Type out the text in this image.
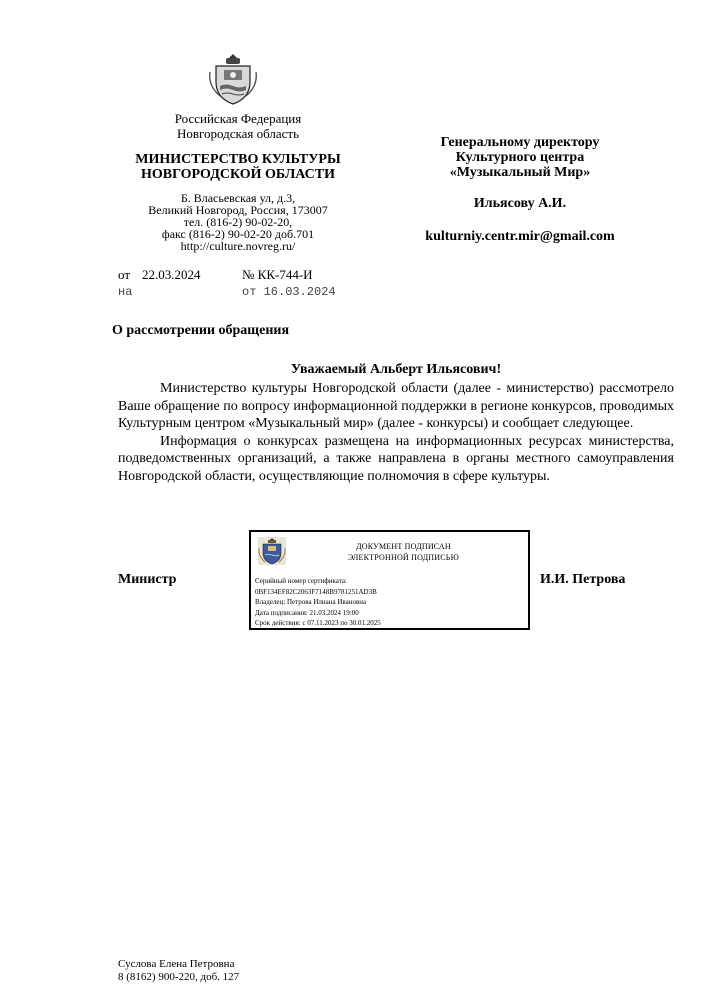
Российская Федерация
Новгородская область
МИНИСТЕРСТВО КУЛЬТУРЫ
НОВГОРОДСКОЙ ОБЛАСТИ
Б. Власьевская ул, д.3,
Великий Новгород, Россия, 173007
тел. (816-2) 90-02-20,
факс (816-2) 90-02-20 доб.701
http://culture.novreg.ru/
от 22.03.2024	№ КК-744-И
на	от 16.03.2024
Генеральному директору
Культурного центра
«Музыкальный Мир»
Ильясову А.И.
kulturniy.centr.mir@gmail.com
О рассмотрении обращения
Уважаемый Альберт Ильясович!

Министерство культуры Новгородской области (далее - министерство) рассмотрело Ваше обращение по вопросу информационной поддержки в регионе конкурсов, проводимых Культурным центром «Музыкальный мир» (далее - конкурсы) и сообщает следующее.

Информация о конкурсах размещена на информационных ресурсах министерства, подведомственных организаций, а также направлена в органы местного самоуправления Новгородской области, осуществляющие полномочия в сфере культуры.

Министр	И.И. Петрова
ДОКУМЕНТ ПОДПИСАН
ЭЛЕКТРОННОЙ ПОДПИСЬЮ
Серийный номер сертификата:
0BF134EF82C2063F7148B9781251AD3B
Владелец: Петрова Илиана Ивановна
Дата подписания: 21.03.2024 19:00
Срок действия: с 07.11.2023 по 30.01.2025
Суслова Елена Петровна
8 (8162) 900-220, доб. 127
